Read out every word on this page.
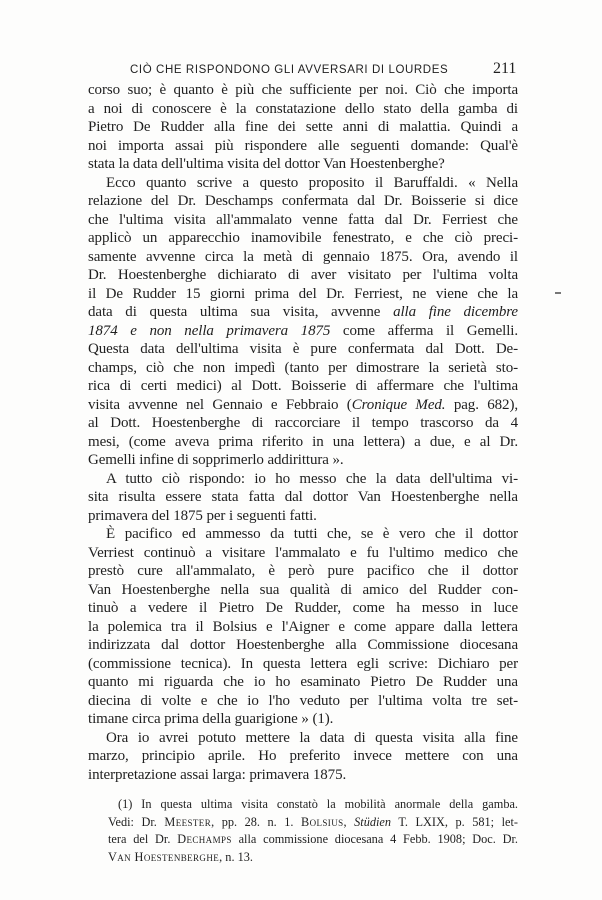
CIÒ CHE RISPONDONO GLI AVVERSARI DI LOURDES	211
corso suo; è quanto è più che sufficiente per noi. Ciò che importa
a noi di conoscere è la constatazione dello stato della gamba di
Pietro De Rudder alla fine dei sette anni di malattia. Quindi a
noi importa assai più rispondere alle seguenti domande: Qual'è
stata la data dell'ultima visita del dottor Van Hoestenberghe?
Ecco quanto scrive a questo proposito il Baruffaldi. « Nella
relazione del Dr. Deschamps confermata dal Dr. Boisserie si dice
che l'ultima visita all'ammalato venne fatta dal Dr. Ferriest che
applicò un apparecchio inamovibile fenestrato, e che ciò preci-
samente avvenne circa la metà di gennaio 1875. Ora, avendo il
Dr. Hoestenberghe dichiarato di aver visitato per l'ultima volta
il De Rudder 15 giorni prima del Dr. Ferriest, ne viene che la
data di questa ultima sua visita, avvenne alla fine dicembre
1874 e non nella primavera 1875 come afferma il Gemelli.
Questa data dell'ultima visita è pure confermata dal Dott. De-
champs, ciò che non impedì (tanto per dimostrare la serietà sto-
rica di certi medici) al Dott. Boisserie di affermare che l'ultima
visita avvenne nel Gennaio e Febbraio (Cronique Med. pag. 682),
al Dott. Hoestenberghe di raccorciare il tempo trascorso da 4
mesi, (come aveva prima riferito in una lettera) a due, e al Dr.
Gemelli infine di sopprimerlo addirittura ».
A tutto ciò rispondo: io ho messo che la data dell'ultima vi-
sita risulta essere stata fatta dal dottor Van Hoestenberghe nella
primavera del 1875 per i seguenti fatti.
È pacifico ed ammesso da tutti che, se è vero che il dottor
Verriest continuò a visitare l'ammalato e fu l'ultimo medico che
prestò cure all'ammalato, è però pure pacifico che il dottor
Van Hoestenberghe nella sua qualità di amico del Rudder con-
tinuò a vedere il Pietro De Rudder, come ha messo in luce
la polemica tra il Bolsius e l'Aigner e come appare dalla lettera
indirizzata dal dottor Hoestenberghe alla Commissione diocesana
(commissione tecnica). In questa lettera egli scrive: Dichiaro per
quanto mi riguarda che io ho esaminato Pietro De Rudder una
diecina di volte e che io l'ho veduto per l'ultima volta tre set-
timane circa prima della guarigione » (1).
Ora io avrei potuto mettere la data di questa visita alla fine
marzo, principio aprile. Ho preferito invece mettere con una
interpretazione assai larga: primavera 1875.
(1) In questa ultima visita constatò la mobilità anormale della gamba.
Vedi: Dr. Meester, pp. 28. n. 1. Bolsius, Stüdien T. LXIX, p. 581; let-
tera del Dr. Dechamps alla commissione diocesana 4 Febb. 1908; Doc. Dr.
Van Hoestenberghe, n. 13.
